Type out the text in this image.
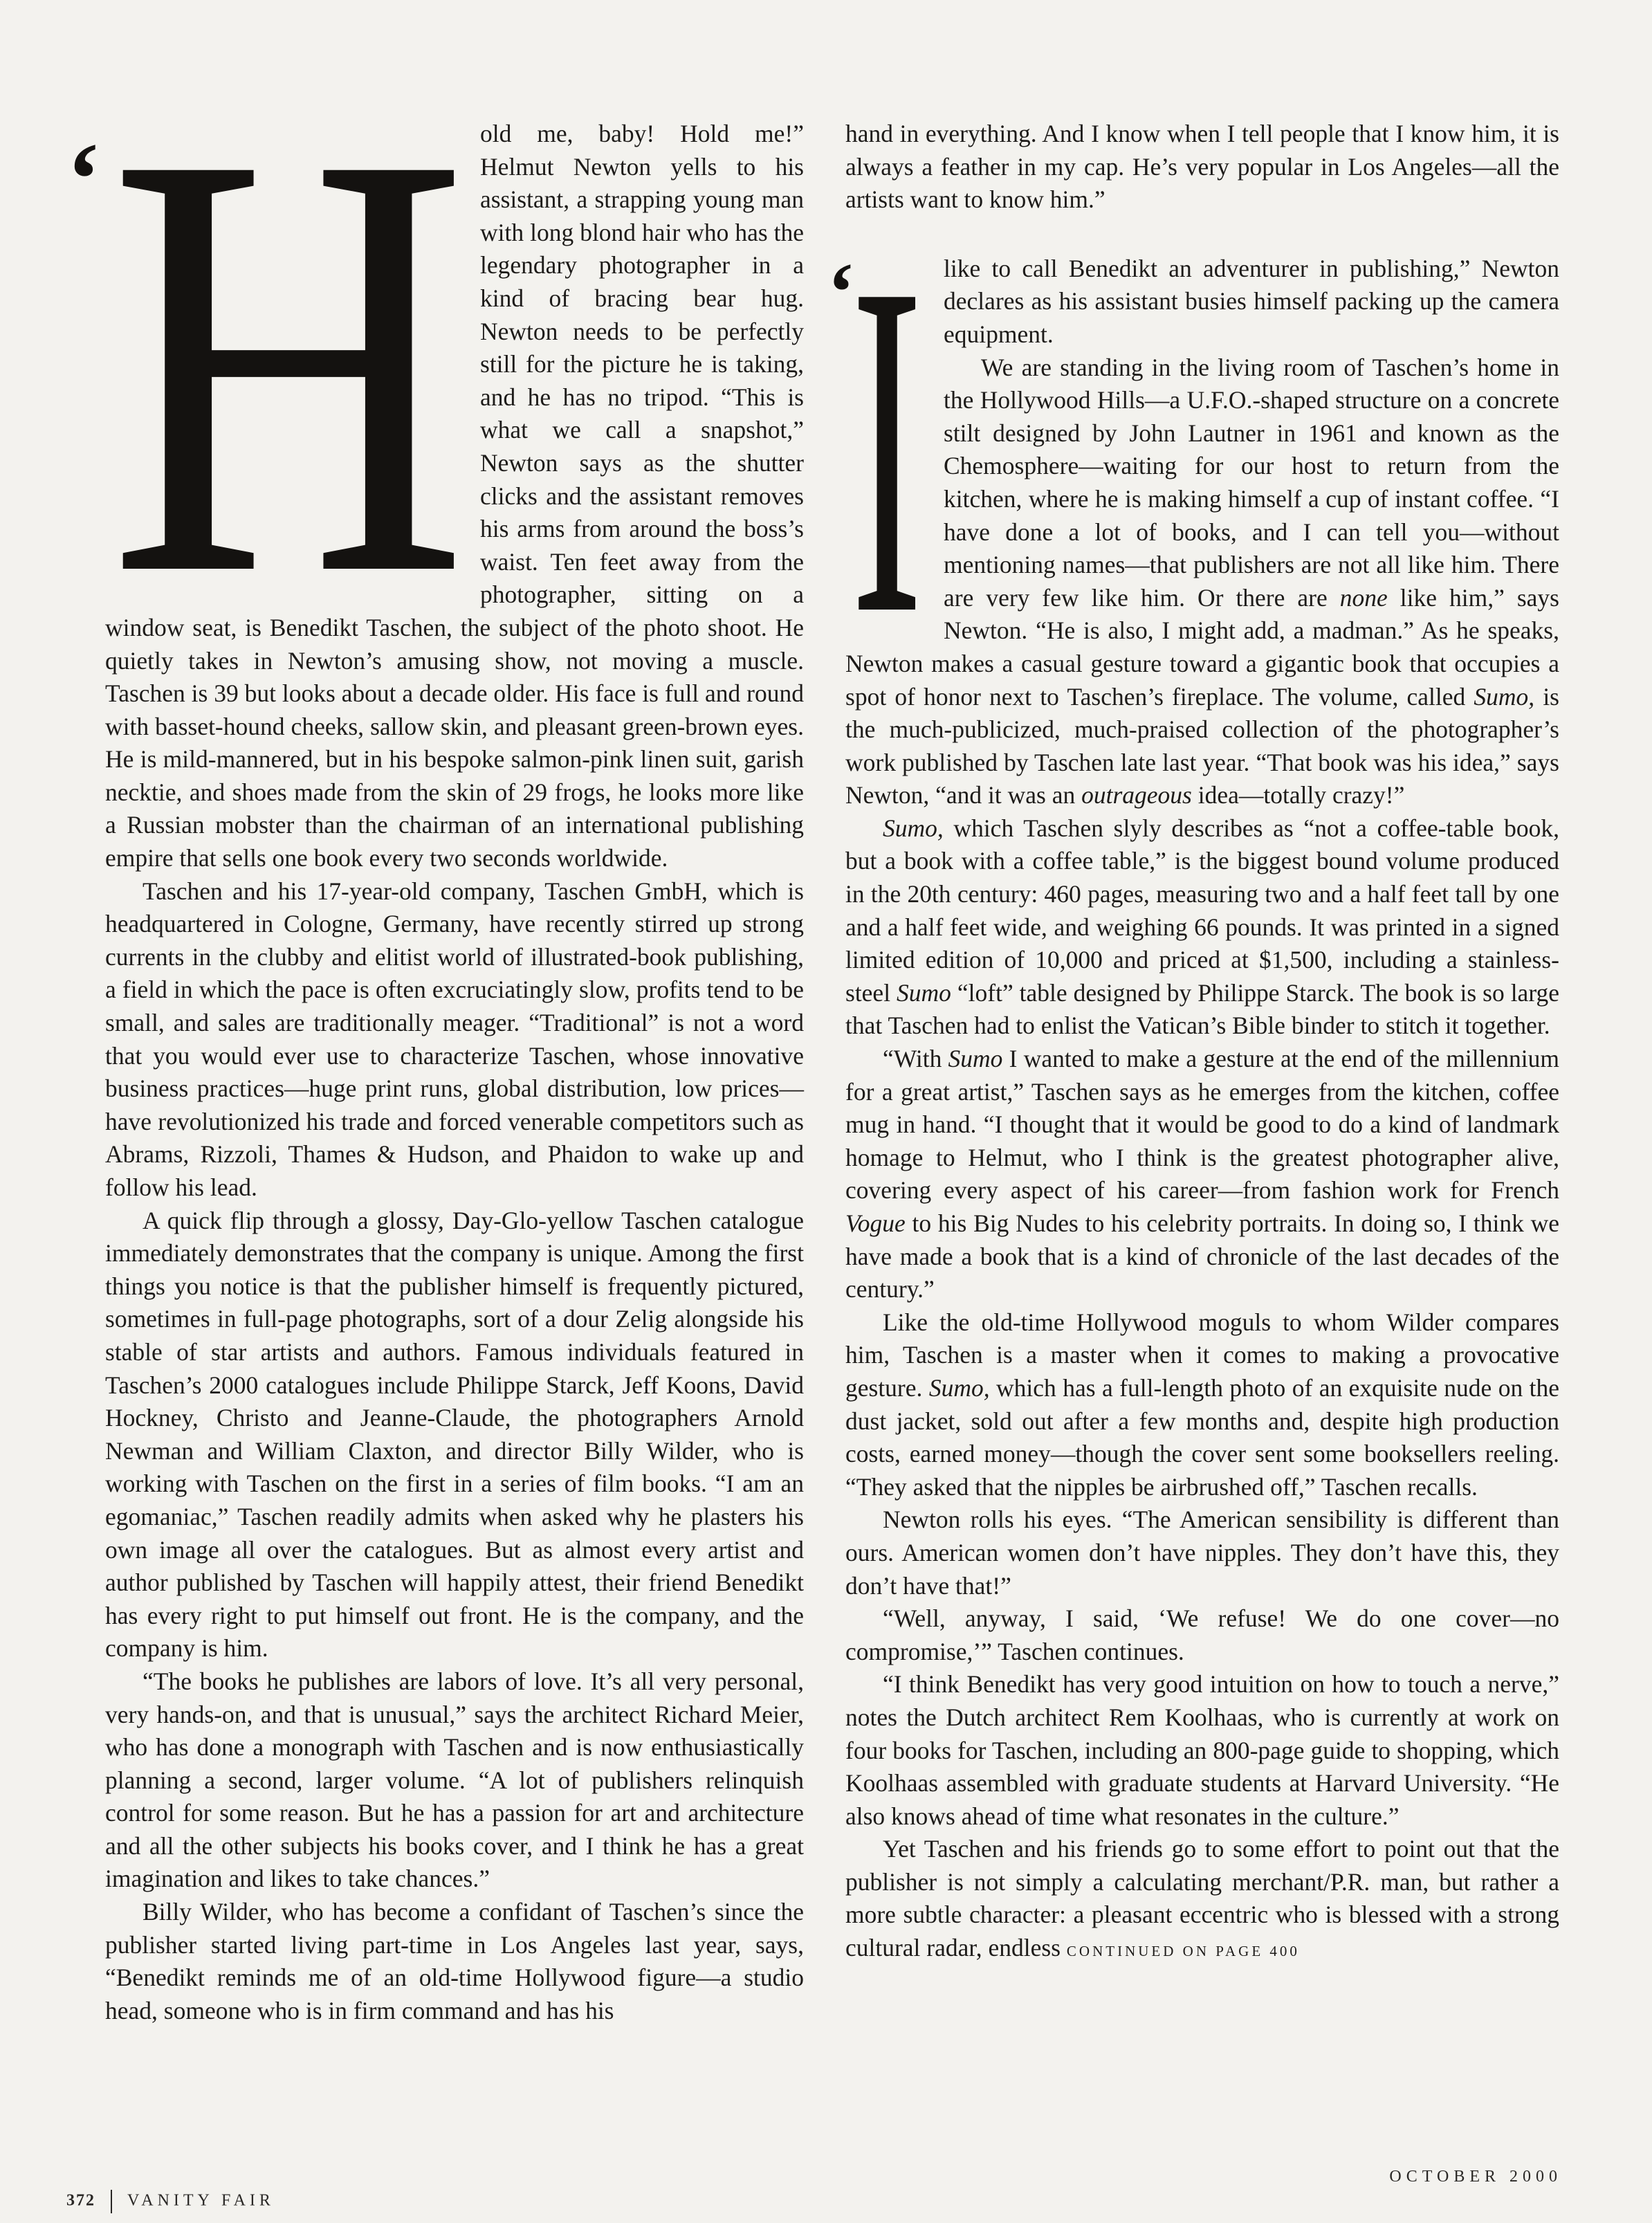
‘
‘
H old me, baby! Hold me!” Helmut Newton yells to his assistant, a strapping young man with long blond hair who has the legendary photographer in a kind of bracing bear hug. Newton needs to be perfectly still for the picture he is taking, and he has no tripod. “This is what we call a snapshot,” Newton says as the shutter clicks and the assistant removes his arms from around the boss’s waist. Ten feet away from the photographer, sitting on a window seat, is Benedikt Taschen, the subject of the photo shoot. He quietly takes in Newton’s amusing show, not moving a muscle. Taschen is 39 but looks about a decade older. His face is full and round with basset-hound cheeks, sallow skin, and pleasant green-brown eyes. He is mild-mannered, but in his bespoke salmon-pink linen suit, garish necktie, and shoes made from the skin of 29 frogs, he looks more like a Russian mobster than the chairman of an international publishing empire that sells one book every two seconds worldwide.

Taschen and his 17-year-old company, Taschen GmbH, which is headquartered in Cologne, Germany, have recently stirred up strong currents in the clubby and elitist world of illustrated-book publishing, a field in which the pace is often excruciatingly slow, profits tend to be small, and sales are traditionally meager. “Traditional” is not a word that you would ever use to characterize Taschen, whose innovative business practices—huge print runs, global distribution, low prices—have revolutionized his trade and forced venerable competitors such as Abrams, Rizzoli, Thames & Hudson, and Phaidon to wake up and follow his lead.

A quick flip through a glossy, Day-Glo-yellow Taschen catalogue immediately demonstrates that the company is unique. Among the first things you notice is that the publisher himself is frequently pictured, sometimes in full-page photographs, sort of a dour Zelig alongside his stable of star artists and authors. Famous individuals featured in Taschen’s 2000 catalogues include Philippe Starck, Jeff Koons, David Hockney, Christo and Jeanne-Claude, the photographers Arnold Newman and William Claxton, and director Billy Wilder, who is working with Taschen on the first in a series of film books. “I am an egomaniac,” Taschen readily admits when asked why he plasters his own image all over the catalogues. But as almost every artist and author published by Taschen will happily attest, their friend Benedikt has every right to put himself out front. He is the company, and the company is him.

“The books he publishes are labors of love. It’s all very personal, very hands-on, and that is unusual,” says the architect Richard Meier, who has done a monograph with Taschen and is now enthusiastically planning a second, larger volume. “A lot of publishers relinquish control for some reason. But he has a passion for art and architecture and all the other subjects his books cover, and I think he has a great imagination and likes to take chances.”

Billy Wilder, who has become a confidant of Taschen’s since the publisher started living part-time in Los Angeles last year, says, “Benedikt reminds me of an old-time Hollywood figure—a studio head, someone who is in firm command and has his

hand in everything. And I know when I tell people that I know him, it is always a feather in my cap. He’s very popular in Los Angeles—all the artists want to know him.”

I like to call Benedikt an adventurer in publishing,” Newton declares as his assistant busies himself packing up the camera equipment.

We are standing in the living room of Taschen’s home in the Hollywood Hills—a U.F.O.-shaped structure on a concrete stilt designed by John Lautner in 1961 and known as the Chemosphere—waiting for our host to return from the kitchen, where he is making himself a cup of instant coffee. “I have done a lot of books, and I can tell you—without mentioning names—that publishers are not all like him. There are very few like him. Or there are none like him,” says Newton. “He is also, I might add, a madman.” As he speaks, Newton makes a casual gesture toward a gigantic book that occupies a spot of honor next to Taschen’s fireplace. The volume, called Sumo, is the much-publicized, much-praised collection of the photographer’s work published by Taschen late last year. “That book was his idea,” says Newton, “and it was an outrageous idea—totally crazy!”

Sumo, which Taschen slyly describes as “not a coffee-table book, but a book with a coffee table,” is the biggest bound volume produced in the 20th century: 460 pages, measuring two and a half feet tall by one and a half feet wide, and weighing 66 pounds. It was printed in a signed limited edition of 10,000 and priced at $1,500, including a stainless-steel Sumo “loft” table designed by Philippe Starck. The book is so large that Taschen had to enlist the Vatican’s Bible binder to stitch it together.

“With Sumo I wanted to make a gesture at the end of the millennium for a great artist,” Taschen says as he emerges from the kitchen, coffee mug in hand. “I thought that it would be good to do a kind of landmark homage to Helmut, who I think is the greatest photographer alive, covering every aspect of his career—from fashion work for French Vogue to his Big Nudes to his celebrity portraits. In doing so, I think we have made a book that is a kind of chronicle of the last decades of the century.”

Like the old-time Hollywood moguls to whom Wilder compares him, Taschen is a master when it comes to making a provocative gesture. Sumo, which has a full-length photo of an exquisite nude on the dust jacket, sold out after a few months and, despite high production costs, earned money—though the cover sent some booksellers reeling. “They asked that the nipples be airbrushed off,” Taschen recalls.

Newton rolls his eyes. “The American sensibility is different than ours. American women don’t have nipples. They don’t have this, they don’t have that!”

“Well, anyway, I said, ‘We refuse! We do one cover—no compromise,’” Taschen continues.

“I think Benedikt has very good intuition on how to touch a nerve,” notes the Dutch architect Rem Koolhaas, who is currently at work on four books for Taschen, including an 800-page guide to shopping, which Koolhaas assembled with graduate students at Harvard University. “He also knows ahead of time what resonates in the culture.”

Yet Taschen and his friends go to some effort to point out that the publisher is not simply a calculating merchant/P.R. man, but rather a more subtle character: a pleasant eccentric who is blessed with a strong cultural radar, endless CONTINUED ON PAGE 400

372 VANITY FAIR
OCTOBER 2000
